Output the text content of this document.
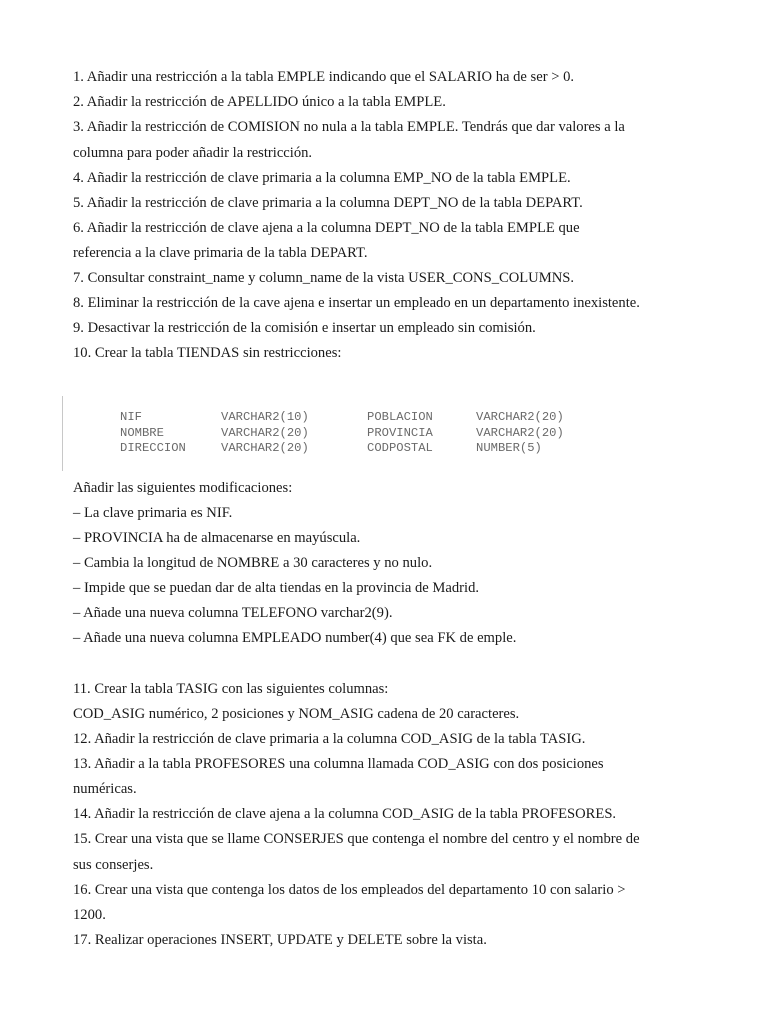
1. Añadir una restricción a la tabla EMPLE indicando que el SALARIO ha de ser > 0.
2. Añadir la restricción de APELLIDO único a la tabla EMPLE.
3. Añadir la restricción de COMISION no nula a la tabla EMPLE. Tendrás que dar valores a la
columna para poder añadir la restricción.
4. Añadir la restricción de clave primaria a la columna EMP_NO de la tabla EMPLE.
5. Añadir la restricción de clave primaria a la columna DEPT_NO de la tabla DEPART.
6. Añadir la restricción de clave ajena a la columna DEPT_NO de la tabla EMPLE que
referencia a la clave primaria de la tabla DEPART.
7. Consultar constraint_name y column_name de la vista USER_CONS_COLUMNS.
8. Eliminar la restricción de la cave ajena e insertar un empleado en un departamento inexistente.
9. Desactivar la restricción de la comisión e insertar un empleado sin comisión.
10. Crear la tabla TIENDAS sin restricciones:
NIF	VARCHAR2(10)	POBLACION	VARCHAR2(20)
NOMBRE	VARCHAR2(20)	PROVINCIA	VARCHAR2(20)
DIRECCION	VARCHAR2(20)	CODPOSTAL	NUMBER(5)
Añadir las siguientes modificaciones:
– La clave primaria es NIF.
– PROVINCIA ha de almacenarse en mayúscula.
– Cambia la longitud de NOMBRE a 30 caracteres y no nulo.
– Impide que se puedan dar de alta tiendas en la provincia de Madrid.
– Añade una nueva columna TELEFONO varchar2(9).
– Añade una nueva columna EMPLEADO number(4) que sea FK de emple.
11. Crear la tabla TASIG con las siguientes columnas:
COD_ASIG numérico, 2 posiciones y NOM_ASIG cadena de 20 caracteres.
12. Añadir la restricción de clave primaria a la columna COD_ASIG de la tabla TASIG.
13. Añadir a la tabla PROFESORES una columna llamada COD_ASIG con dos posiciones
numéricas.
14. Añadir la restricción de clave ajena a la columna COD_ASIG de la tabla PROFESORES.
15. Crear una vista que se llame CONSERJES que contenga el nombre del centro y el nombre de
sus conserjes.
16. Crear una vista que contenga los datos de los empleados del departamento 10 con salario >
1200.
17. Realizar operaciones INSERT, UPDATE y DELETE sobre la vista.
